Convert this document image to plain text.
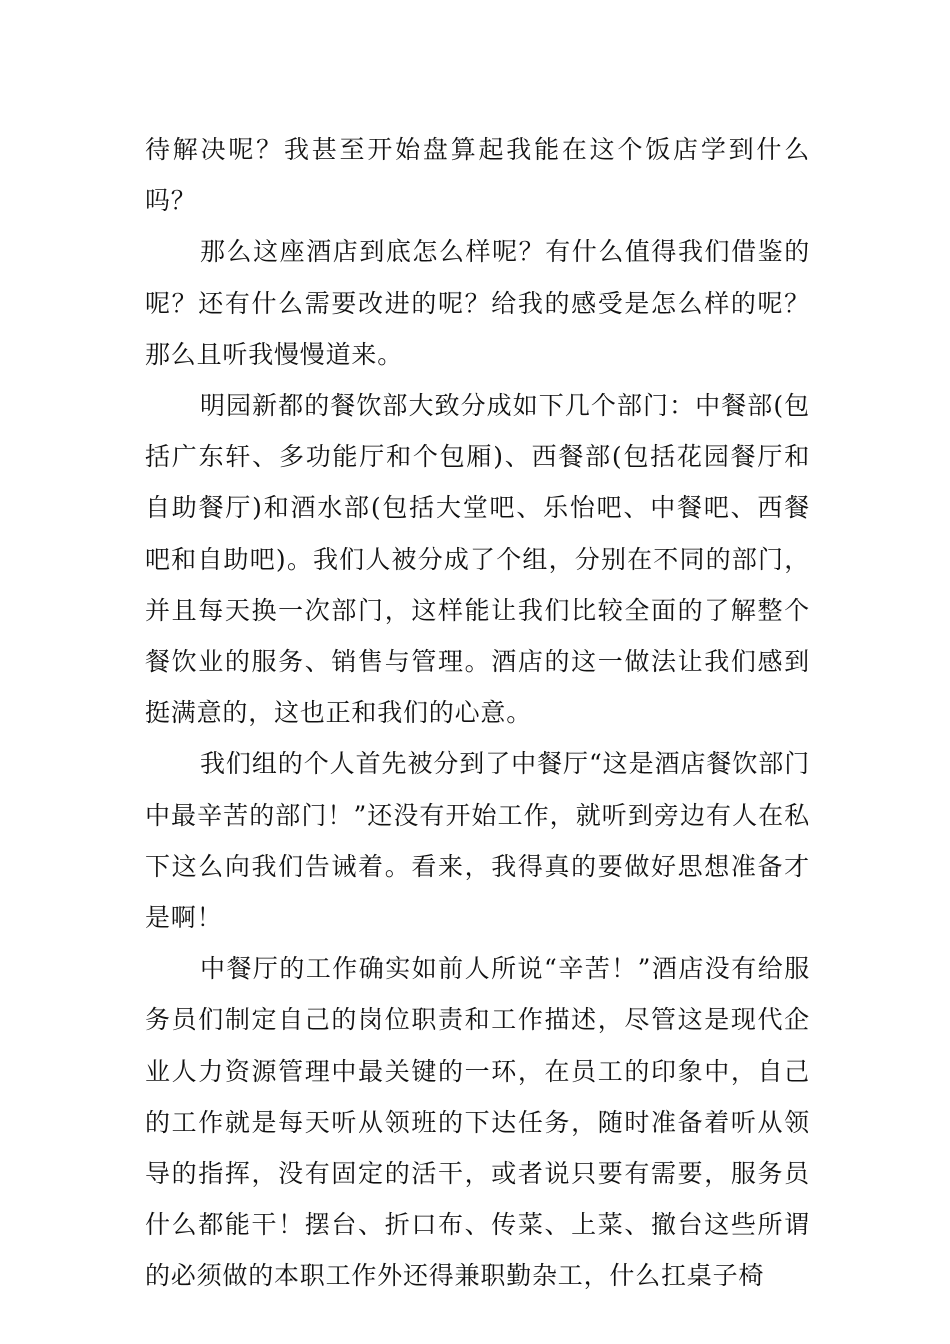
待解决呢？我甚至开始盘算起我能在这个饭店学到什么吗？

那么这座酒店到底怎么样呢？有什么值得我们借鉴的呢？还有什么需要改进的呢？给我的感受是怎么样的呢？那么且听我慢慢道来。

明园新都的餐饮部大致分成如下几个部门：中餐部(包括广东轩、多功能厅和个包厢)、西餐部(包括花园餐厅和自助餐厅)和酒水部(包括大堂吧、乐怡吧、中餐吧、西餐吧和自助吧)。我们人被分成了个组，分别在不同的部门，并且每天换一次部门，这样能让我们比较全面的了解整个餐饮业的服务、销售与管理。酒店的这一做法让我们感到挺满意的，这也正和我们的心意。

我们组的个人首先被分到了中餐厅“这是酒店餐饮部门中最辛苦的部门！”还没有开始工作，就听到旁边有人在私下这么向我们告诫着。看来，我得真的要做好思想准备才是啊！

中餐厅的工作确实如前人所说“辛苦！”酒店没有给服务员们制定自己的岗位职责和工作描述，尽管这是现代企业人力资源管理中最关键的一环，在员工的印象中，自己的工作就是每天听从领班的下达任务，随时准备着听从领导的指挥，没有固定的活干，或者说只要有需要，服务员什么都能干！摆台、折口布、传菜、上菜、撤台这些所谓的必须做的本职工作外还得兼职勤杂工，什么扛桌子椅
